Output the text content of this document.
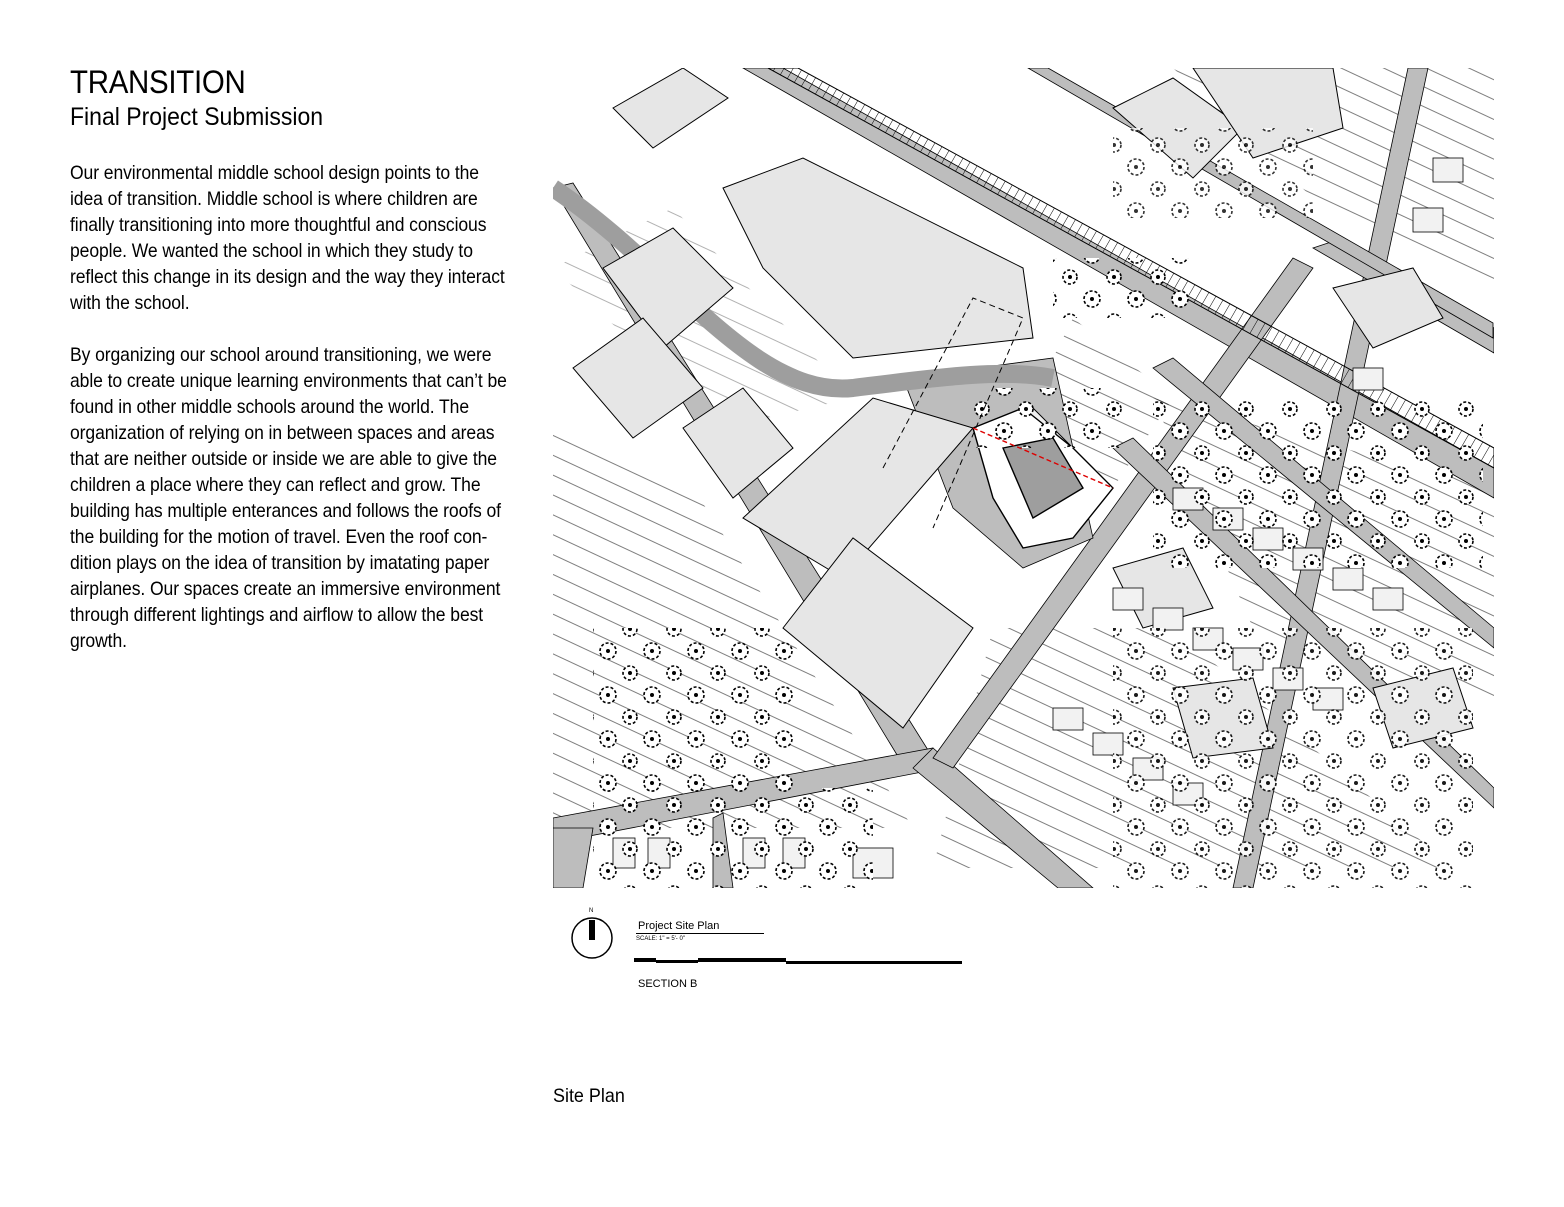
TRANSITION
Final Project Submission

Our environmental middle school design points to the idea of transition. Middle school is where children are finally transitioning into more thoughtful and conscious people. We wanted the school in which they study to reflect this change in its design and the way they interact with the school.

By organizing our school around transitioning, we were able to create unique learning environments that can’t be found in other middle schools around the world. The organization of relying on in between spaces and areas that are neither outside or inside we are able to give the children a place where they can reflect and grow. The building has multiple enterances and follows the roofs of the building for the motion of travel. Even the roof con- dition plays on the idea of transition by imatating paper airplanes. Our spaces create an immersive environment through different lightings and airflow to allow the best growth.

N
Project Site Plan
SCALE: 1" = 5'- 0"
SECTION B
Site Plan
